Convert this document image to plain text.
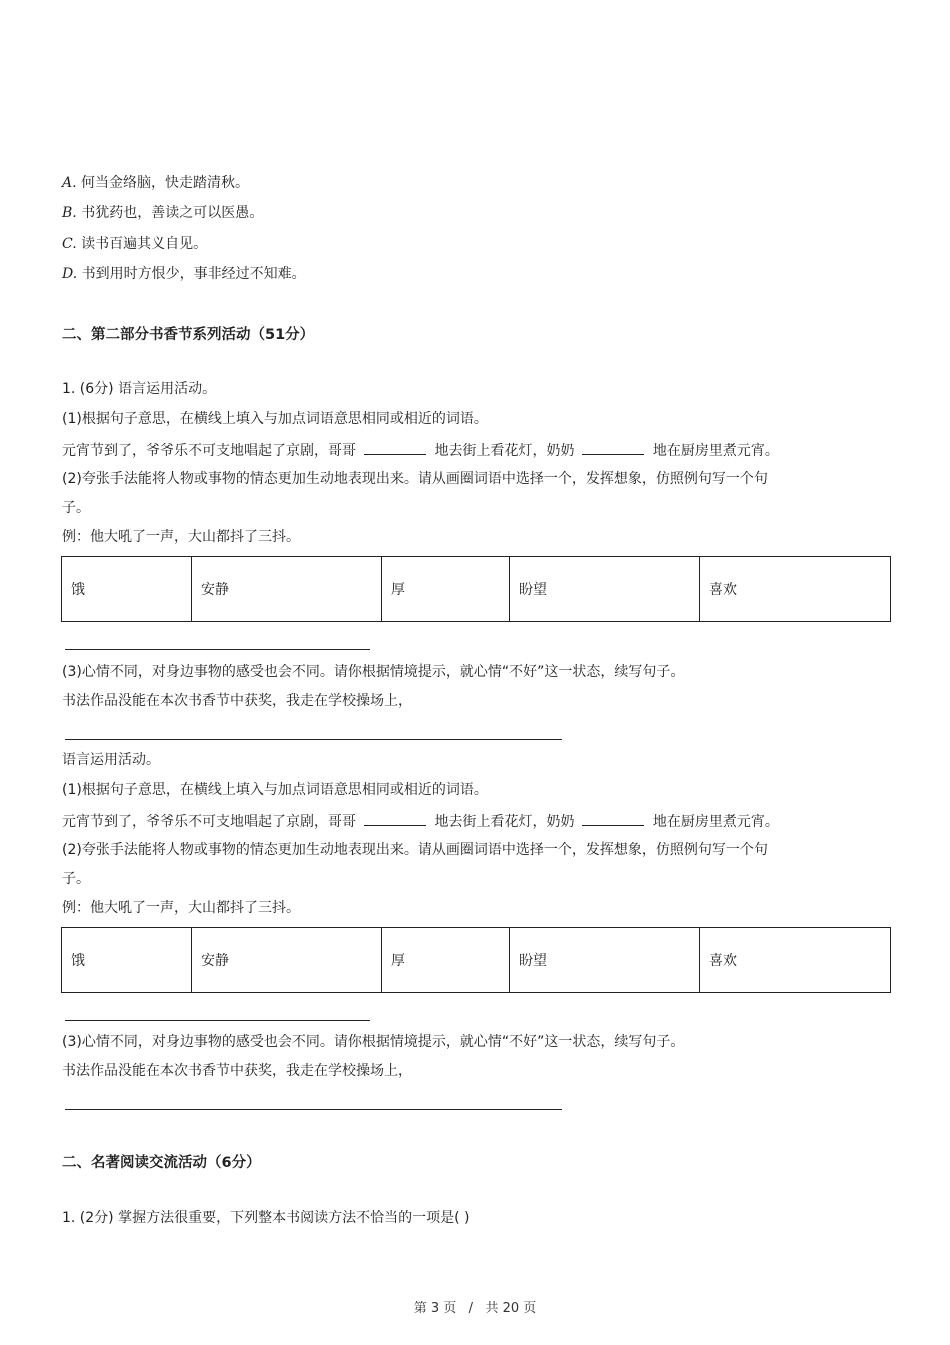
A. 何当金络脑，快走踏清秋。
B. 书犹药也，善读之可以医愚。
C. 读书百遍其义自见。
D. 书到用时方恨少，事非经过不知难。
二、第二部分书香节系列活动（51分）
1. (6分) 语言运用活动。
(1)根据句子意思，在横线上填入与加点词语意思相同或相近的词语。
元宵节到了，爷爷乐不可支地唱起了京剧，哥哥	地去街上看花灯，奶奶	地在厨房里煮元宵。
(2)夸张手法能将人物或事物的情态更加生动地表现出来。请从画圈词语中选择一个，发挥想象，仿照例句写一个句
子。
例：他大吼了一声，大山都抖了三抖。
饿	安静	厚	盼望	喜欢
(3)心情不同，对身边事物的感受也会不同。请你根据情境提示，就心情“不好”这一状态，续写句子。
书法作品没能在本次书香节中获奖，我走在学校操场上，
语言运用活动。
(1)根据句子意思，在横线上填入与加点词语意思相同或相近的词语。
元宵节到了，爷爷乐不可支地唱起了京剧，哥哥	地去街上看花灯，奶奶	地在厨房里煮元宵。
(2)夸张手法能将人物或事物的情态更加生动地表现出来。请从画圈词语中选择一个，发挥想象，仿照例句写一个句
子。
例：他大吼了一声，大山都抖了三抖。
饿	安静	厚	盼望	喜欢
(3)心情不同，对身边事物的感受也会不同。请你根据情境提示，就心情“不好”这一状态，续写句子。
书法作品没能在本次书香节中获奖，我走在学校操场上，
二、名著阅读交流活动（6分）
1. (2分) 掌握方法很重要，下列整本书阅读方法不恰当的一项是( )
第 3 页   /   共 20 页
